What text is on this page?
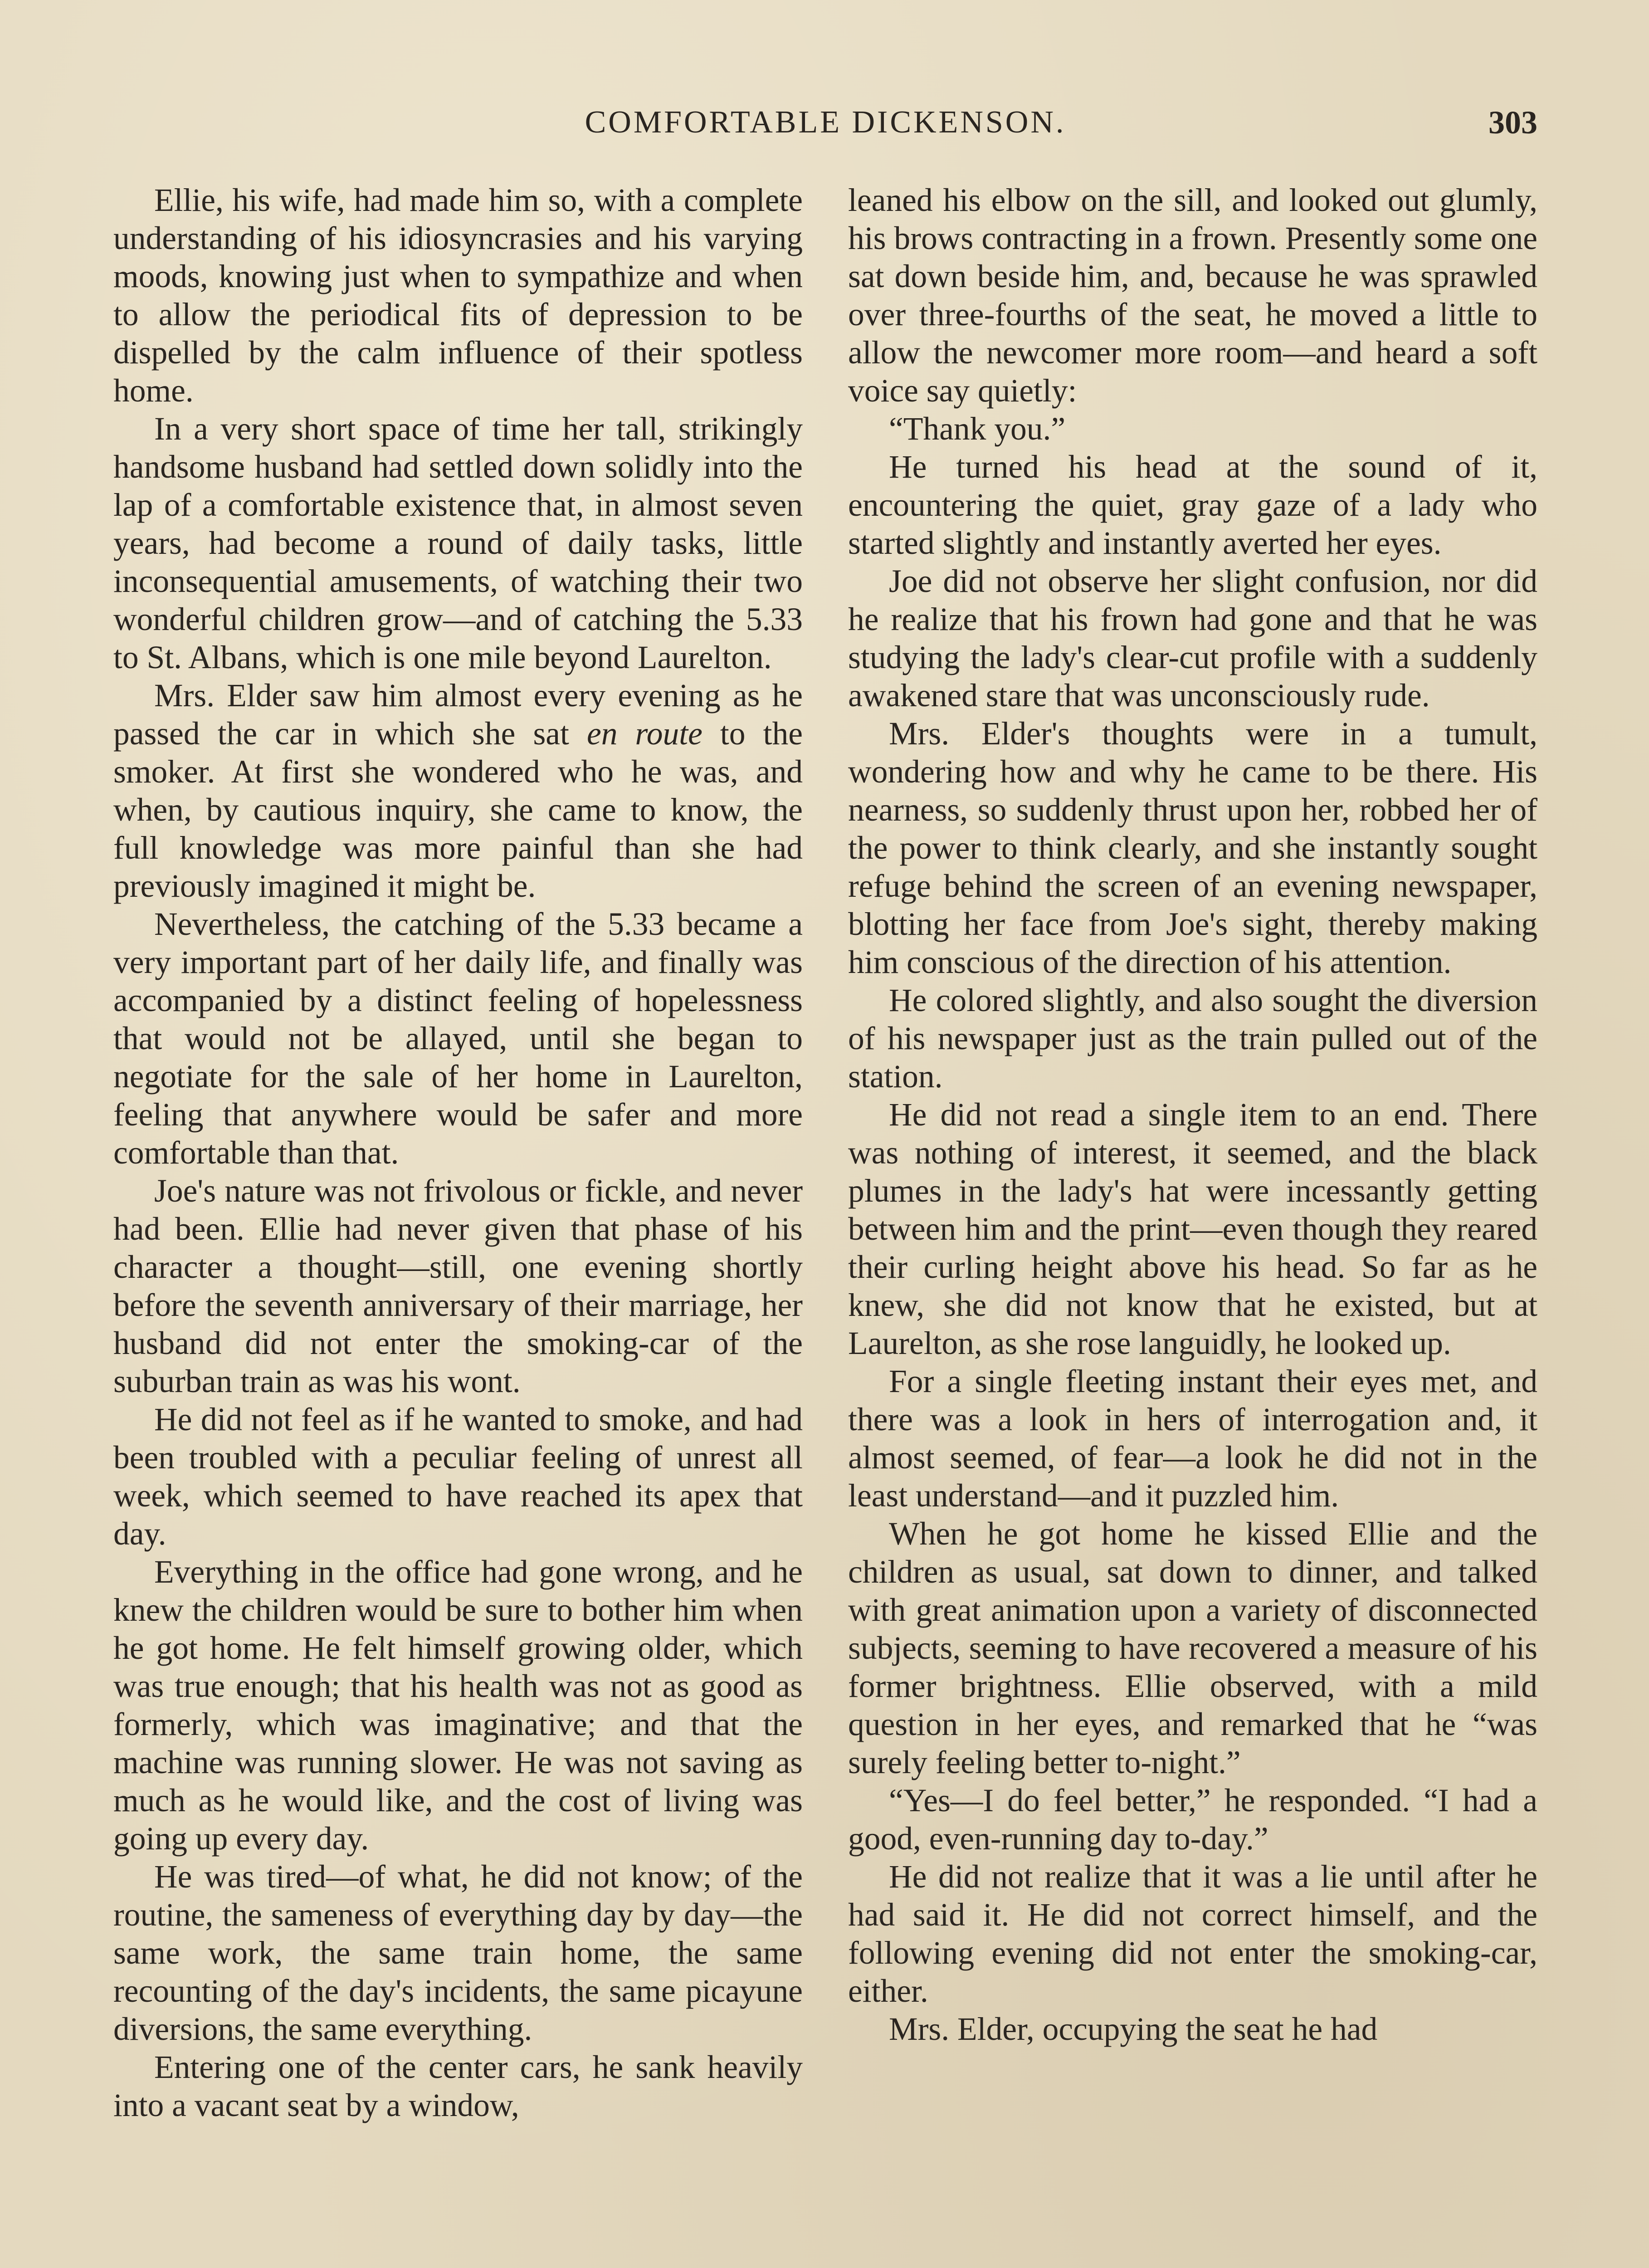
COMFORTABLE DICKENSON.	303

Ellie, his wife, had made him so, with a complete understanding of his idiosyncrasies and his varying moods, knowing just when to sympathize and when to allow the periodical fits of depression to be dispelled by the calm influence of their spotless home.

In a very short space of time her tall, strikingly handsome husband had settled down solidly into the lap of a comfortable existence that, in almost seven years, had become a round of daily tasks, little inconsequential amusements, of watching their two wonderful children grow—and of catching the 5.33 to St. Albans, which is one mile beyond Laurelton.

Mrs. Elder saw him almost every evening as he passed the car in which she sat en route to the smoker. At first she wondered who he was, and when, by cautious inquiry, she came to know, the full knowledge was more painful than she had previously imagined it might be.

Nevertheless, the catching of the 5.33 became a very important part of her daily life, and finally was accompanied by a distinct feeling of hopelessness that would not be allayed, until she began to negotiate for the sale of her home in Laurelton, feeling that anywhere would be safer and more comfortable than that.

Joe's nature was not frivolous or fickle, and never had been. Ellie had never given that phase of his character a thought—still, one evening shortly before the seventh anniversary of their marriage, her husband did not enter the smoking-car of the suburban train as was his wont.

He did not feel as if he wanted to smoke, and had been troubled with a peculiar feeling of unrest all week, which seemed to have reached its apex that day.

Everything in the office had gone wrong, and he knew the children would be sure to bother him when he got home. He felt himself growing older, which was true enough; that his health was not as good as formerly, which was imaginative; and that the machine was running slower. He was not saving as much as he would like, and the cost of living was going up every day.

He was tired—of what, he did not know; of the routine, the sameness of everything day by day—the same work, the same train home, the same recounting of the day's incidents, the same picayune diversions, the same everything.

Entering one of the center cars, he sank heavily into a vacant seat by a window,

leaned his elbow on the sill, and looked out glumly, his brows contracting in a frown. Presently some one sat down beside him, and, because he was sprawled over three-fourths of the seat, he moved a little to allow the newcomer more room—and heard a soft voice say quietly:

“Thank you.”

He turned his head at the sound of it, encountering the quiet, gray gaze of a lady who started slightly and instantly averted her eyes.

Joe did not observe her slight confusion, nor did he realize that his frown had gone and that he was studying the lady's clear-cut profile with a suddenly awakened stare that was unconsciously rude.

Mrs. Elder's thoughts were in a tumult, wondering how and why he came to be there. His nearness, so suddenly thrust upon her, robbed her of the power to think clearly, and she instantly sought refuge behind the screen of an evening newspaper, blotting her face from Joe's sight, thereby making him conscious of the direction of his attention.

He colored slightly, and also sought the diversion of his newspaper just as the train pulled out of the station.

He did not read a single item to an end. There was nothing of interest, it seemed, and the black plumes in the lady's hat were incessantly getting between him and the print—even though they reared their curling height above his head. So far as he knew, she did not know that he existed, but at Laurelton, as she rose languidly, he looked up.

For a single fleeting instant their eyes met, and there was a look in hers of interrogation and, it almost seemed, of fear—a look he did not in the least understand—and it puzzled him.

When he got home he kissed Ellie and the children as usual, sat down to dinner, and talked with great animation upon a variety of disconnected subjects, seeming to have recovered a measure of his former brightness. Ellie observed, with a mild question in her eyes, and remarked that he “was surely feeling better to-night.”

“Yes—I do feel better,” he responded. “I had a good, even-running day to-day.”

He did not realize that it was a lie until after he had said it. He did not correct himself, and the following evening did not enter the smoking-car, either.

Mrs. Elder, occupying the seat he had
